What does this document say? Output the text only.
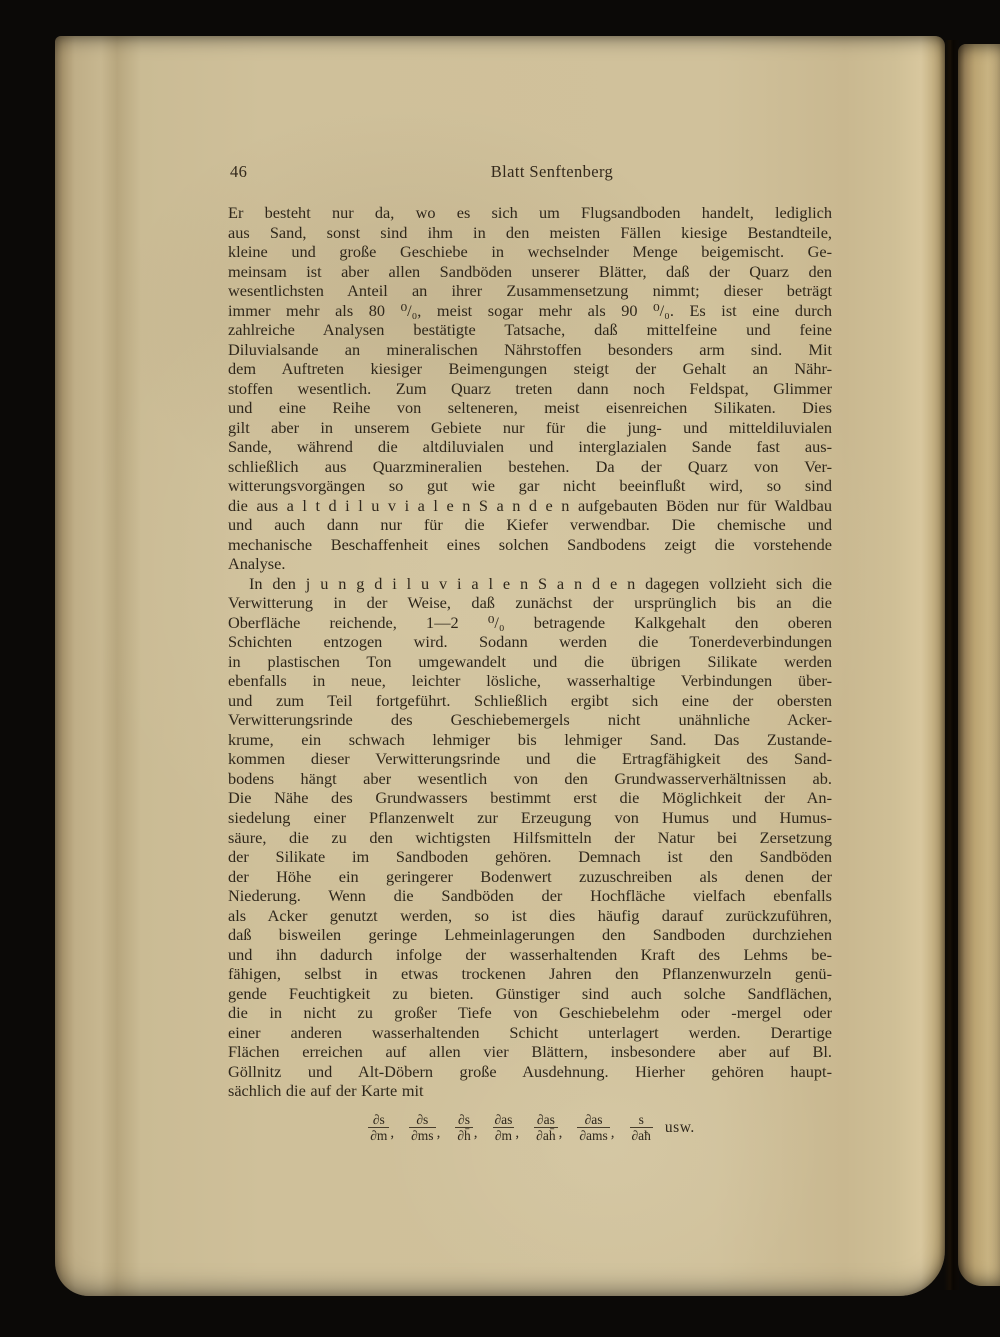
46	Blatt Senftenberg
Er besteht nur da, wo es sich um Flugsandboden handelt, lediglich
aus Sand, sonst sind ihm in den meisten Fällen kiesige Bestandteile,
kleine und große Geschiebe in wechselnder Menge beigemischt. Ge-
meinsam ist aber allen Sandböden unserer Blätter, daß der Quarz den
wesentlichsten Anteil an ihrer Zusammensetzung nimmt; dieser beträgt
immer mehr als 80 ⁰/₀, meist sogar mehr als 90 ⁰/₀. Es ist eine durch
zahlreiche Analysen bestätigte Tatsache, daß mittelfeine und feine
Diluvialsande an mineralischen Nährstoffen besonders arm sind. Mit
dem Auftreten kiesiger Beimengungen steigt der Gehalt an Nähr-
stoffen wesentlich. Zum Quarz treten dann noch Feldspat, Glimmer
und eine Reihe von selteneren, meist eisenreichen Silikaten. Dies
gilt aber in unserem Gebiete nur für die jung- und mitteldiluvialen
Sande, während die altdiluvialen und interglazialen Sande fast aus-
schließlich aus Quarzmineralien bestehen. Da der Quarz von Ver-
witterungsvorgängen so gut wie gar nicht beeinflußt wird, so sind
die aus a l t d i l u v i a l e n S a n d e n aufgebauten Böden nur für Waldbau
und auch dann nur für die Kiefer verwendbar. Die chemische und
mechanische Beschaffenheit eines solchen Sandbodens zeigt die vorstehende
Analyse.
In den j u n g d i l u v i a l e n S a n d e n dagegen vollzieht sich die
Verwitterung in der Weise, daß zunächst der ursprünglich bis an die
Oberfläche reichende, 1—2 ⁰/₀ betragende Kalkgehalt den oberen
Schichten entzogen wird. Sodann werden die Tonerdeverbindungen
in plastischen Ton umgewandelt und die übrigen Silikate werden
ebenfalls in neue, leichter lösliche, wasserhaltige Verbindungen über-
und zum Teil fortgeführt. Schließlich ergibt sich eine der obersten
Verwitterungsrinde des Geschiebemergels nicht unähnliche Acker-
krume, ein schwach lehmiger bis lehmiger Sand. Das Zustande-
kommen dieser Verwitterungsrinde und die Ertragfähigkeit des Sand-
bodens hängt aber wesentlich von den Grundwasserverhältnissen ab.
Die Nähe des Grundwassers bestimmt erst die Möglichkeit der An-
siedelung einer Pflanzenwelt zur Erzeugung von Humus und Humus-
säure, die zu den wichtigsten Hilfsmitteln der Natur bei Zersetzung
der Silikate im Sandboden gehören. Demnach ist den Sandböden
der Höhe ein geringerer Bodenwert zuzuschreiben als denen der
Niederung. Wenn die Sandböden der Hochfläche vielfach ebenfalls
als Acker genutzt werden, so ist dies häufig darauf zurückzuführen,
daß bisweilen geringe Lehmeinlagerungen den Sandboden durchziehen
und ihn dadurch infolge der wasserhaltenden Kraft des Lehms be-
fähigen, selbst in etwas trockenen Jahren den Pflanzenwurzeln genü-
gende Feuchtigkeit zu bieten. Günstiger sind auch solche Sandflächen,
die in nicht zu großer Tiefe von Geschiebelehm oder -mergel oder
einer anderen wasserhaltenden Schicht unterlagert werden. Derartige
Flächen erreichen auf allen vier Blättern, insbesondere aber auf Bl.
Göllnitz und Alt-Döbern große Ausdehnung. Hierher gehören haupt-
sächlich die auf der Karte mit
$\frac{\partial s}{\partial m}$ , $\frac{\partial s}{\partial ms}$ , $\frac{\partial s}{\partial h̄}$ , $\frac{\partial as}{\partial m}$ , $\frac{\partial as}{\partial ah̄}$ , $\frac{\partial as}{\text{∂ams}}$ , $\frac{s}{\partial aħ}$ usw.
